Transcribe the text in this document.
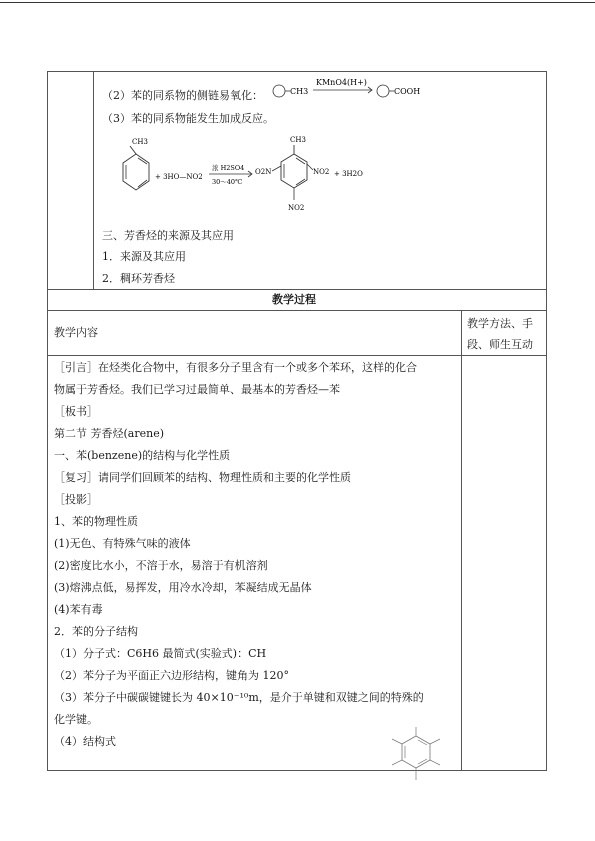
（2）苯的同系物的侧链易氧化：	CH3
KMnO4(H+)
COOH
（3）苯的同系物能发生加成反应。
CH3
+ 3HO—NO2
浓 H2SO4
30～40℃
CH3
O2N	NO2
NO2
+ 3H2O
三、芳香烃的来源及其应用
1．来源及其应用
2．稠环芳香烃
教学过程
教学内容
教学方法、手
段、师生互动
［引言］在烃类化合物中，有很多分子里含有一个或多个苯环，这样的化合
物属于芳香烃。我们已学习过最简单、最基本的芳香烃—苯
［板书］
第二节 芳香烃(arene)
一、苯(benzene)的结构与化学性质
［复习］请同学们回顾苯的结构、物理性质和主要的化学性质
［投影］
1、苯的物理性质
(1)无色、有特殊气味的液体
(2)密度比水小，不溶于水，易溶于有机溶剂
(3)熔沸点低，易挥发，用冷水冷却，苯凝结成无晶体
(4)苯有毒
2．苯的分子结构
（1）分子式：C6H6 最简式(实验式)：CH
（2）苯分子为平面正六边形结构，键角为 120°
（3）苯分子中碳碳键键长为 40×10⁻¹⁰m，是介于单键和双键之间的特殊的
化学键。
（4）结构式
